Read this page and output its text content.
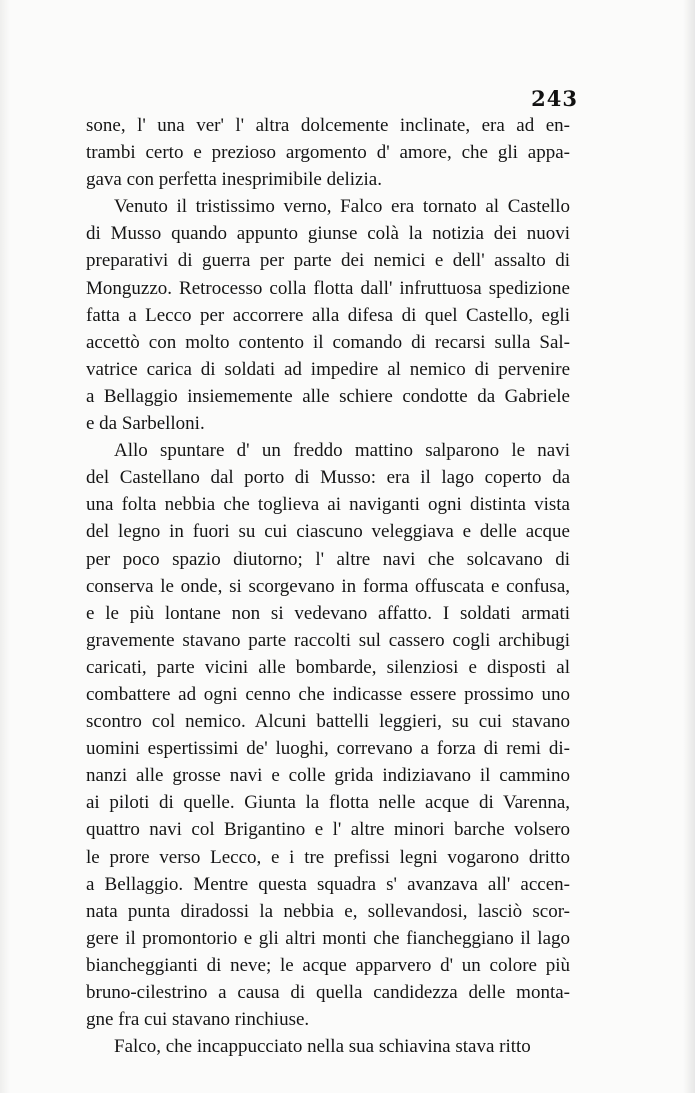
243
sone, l' una ver' l' altra dolcemente inclinate, era ad en-
trambi certo e prezioso argomento d' amore, che gli appa-
gava con perfetta inesprimibile delizia.
Venuto il tristissimo verno, Falco era tornato al Castello
di Musso quando appunto giunse colà la notizia dei nuovi
preparativi di guerra per parte dei nemici e dell' assalto di
Monguzzo. Retrocesso colla flotta dall' infruttuosa spedizione
fatta a Lecco per accorrere alla difesa di quel Castello, egli
accettò con molto contento il comando di recarsi sulla Sal-
vatrice carica di soldati ad impedire al nemico di pervenire
a Bellaggio insiememente alle schiere condotte da Gabriele
e da Sarbelloni.
Allo spuntare d' un freddo mattino salparono le navi
del Castellano dal porto di Musso: era il lago coperto da
una folta nebbia che toglieva ai naviganti ogni distinta vista
del legno in fuori su cui ciascuno veleggiava e delle acque
per poco spazio diutorno; l' altre navi che solcavano di
conserva le onde, si scorgevano in forma offuscata e confusa,
e le più lontane non si vedevano affatto. I soldati armati
gravemente stavano parte raccolti sul cassero cogli archibugi
caricati, parte vicini alle bombarde, silenziosi e disposti al
combattere ad ogni cenno che indicasse essere prossimo uno
scontro col nemico. Alcuni battelli leggieri, su cui stavano
uomini espertissimi de' luoghi, correvano a forza di remi di-
nanzi alle grosse navi e colle grida indiziavano il cammino
ai piloti di quelle. Giunta la flotta nelle acque di Varenna,
quattro navi col Brigantino e l' altre minori barche volsero
le prore verso Lecco, e i tre prefissi legni vogarono dritto
a Bellaggio. Mentre questa squadra s' avanzava all' accen-
nata punta diradossi la nebbia e, sollevandosi, lasciò scor-
gere il promontorio e gli altri monti che fiancheggiano il lago
biancheggianti di neve; le acque apparvero d' un colore più
bruno-cilestrino a causa di quella candidezza delle monta-
gne fra cui stavano rinchiuse.
Falco, che incappucciato nella sua schiavina stava ritto
